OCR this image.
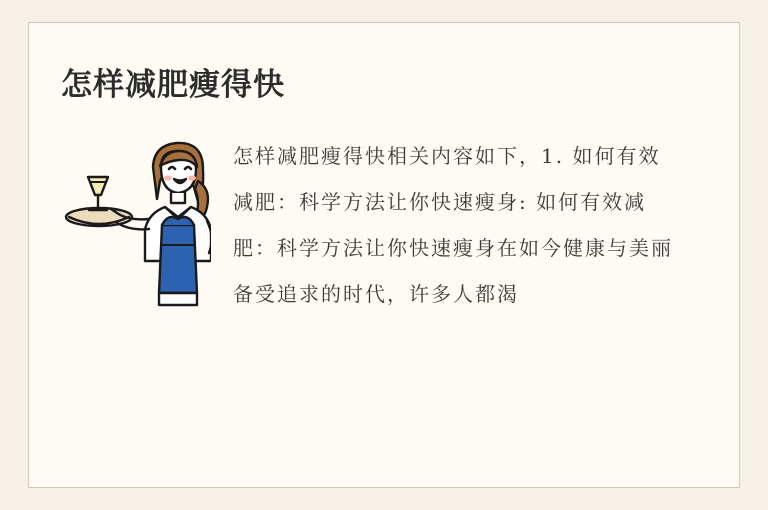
怎样减肥瘦得快
怎样减肥瘦得快相关内容如下，1. 如何有效减肥：科学方法让你快速瘦身: 如何有效减肥：科学方法让你快速瘦身在如今健康与美丽备受追求的时代，许多人都渴
